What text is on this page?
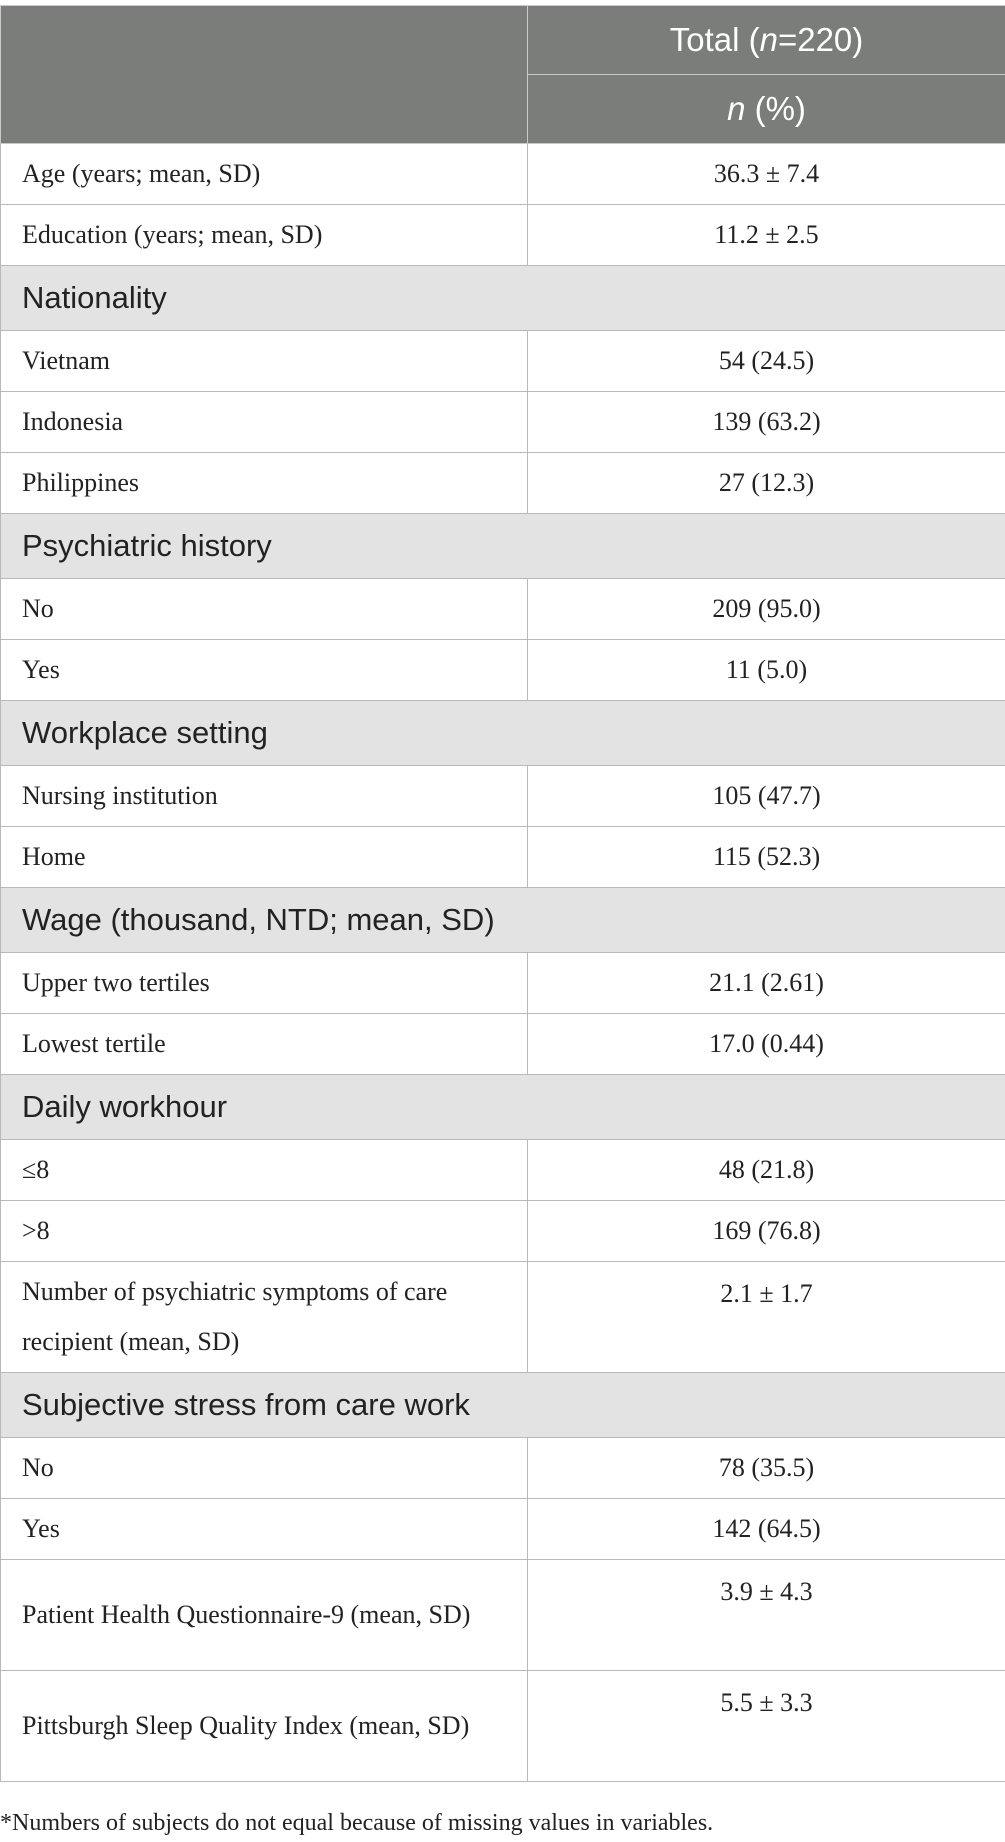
	Total (n=220)
	n (%)
Age (years; mean, SD)	36.3 ± 7.4
Education (years; mean, SD)	11.2 ± 2.5
Nationality	
Vietnam	54 (24.5)
Indonesia	139 (63.2)
Philippines	27 (12.3)
Psychiatric history	
No	209 (95.0)
Yes	11 (5.0)
Workplace setting	
Nursing institution	105 (47.7)
Home	115 (52.3)
Wage (thousand, NTD; mean, SD)	
Upper two tertiles	21.1 (2.61)
Lowest tertile	17.0 (0.44)
Daily workhour	
≤8	48 (21.8)
>8	169 (76.8)
Number of psychiatric symptoms of care recipient (mean, SD)	2.1 ± 1.7
Subjective stress from care work	
No	78 (35.5)
Yes	142 (64.5)
Patient Health Questionnaire-9 (mean, SD)	3.9 ± 4.3
Pittsburgh Sleep Quality Index (mean, SD)	5.5 ± 3.3
*Numbers of subjects do not equal because of missing values in variables.
